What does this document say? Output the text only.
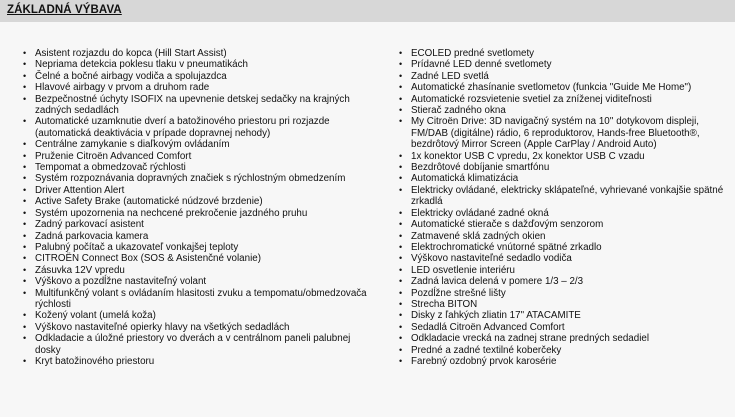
ZÁKLADNÁ VÝBAVA
• Asistent rozjazdu do kopca (Hill Start Assist)
• Nepriama detekcia poklesu tlaku v pneumatikách
• Čelné a bočné airbagy vodiča a spolujazdca
• Hlavové airbagy v prvom a druhom rade
• Bezpečnostné úchyty ISOFIX na upevnenie detskej sedačky na krajných zadných sedadlách
• Automatické uzamknutie dverí a batožinového priestoru pri rozjazde (automatická deaktivácia v prípade dopravnej nehody)
• Centrálne zamykanie s diaľkovým ovládaním
• Pruženie Citroën Advanced Comfort
• Tempomat a obmedzovač rýchlosti
• Systém rozpoznávania dopravných značiek s rýchlostným obmedzením
• Driver Attention Alert
• Active Safety Brake (automatické núdzové brzdenie)
• Systém upozornenia na nechcené prekročenie jazdného pruhu
• Zadný parkovací asistent
• Zadná parkovacia kamera
• Palubný počítač a ukazovateľ vonkajšej teploty
• CITROËN Connect Box (SOS & Asistenčné volanie)
• Zásuvka 12V vpredu
• Výškovo a pozdĺžne nastaviteľný volant
• Multifunkčný volant s ovládaním hlasitosti zvuku a tempomatu/obmedzovača rýchlosti
• Kožený volant (umelá koža)
• Výškovo nastaviteľné opierky hlavy na všetkých sedadlách
• Odkladacie a úložné priestory vo dverách a v centrálnom paneli palubnej dosky
• Kryt batožinového priestoru
• ECOLED predné svetlomety
• Prídavné LED denné svetlomety
• Zadné LED svetlá
• Automatické zhasínanie svetlometov (funkcia "Guide Me Home")
• Automatické rozsvietenie svetiel za zníženej viditeľnosti
• Stierač zadného okna
• My Citroën Drive: 3D navigačný systém na 10'' dotykovom displeji, FM/DAB (digitálne) rádio, 6 reproduktorov, Hands-free Bluetooth®, bezdrôtový Mirror Screen (Apple CarPlay / Android Auto)
• 1x konektor USB C vpredu, 2x konektor USB C vzadu
• Bezdrôtové dobíjanie smartfónu
• Automatická klimatizácia
• Elektricky ovládané, elektricky sklápateľné, vyhrievané vonkajšie spätné zrkadlá
• Elektricky ovládané zadné okná
• Automatické stierače s dažďovým senzorom
• Zatmavené sklá zadných okien
• Elektrochromatické vnútorné spätné zrkadlo
• Výškovo nastaviteľné sedadlo vodiča
• LED osvetlenie interiéru
• Zadná lavica delená v pomere 1/3 – 2/3
• Pozdĺžne strešné lišty
• Strecha BITON
• Disky z ľahkých zliatin 17" ATACAMITE
• Sedadlá Citroën Advanced Comfort
• Odkladacie vrecká na zadnej strane predných sedadiel
• Predné a zadné textilné koberčeky
• Farebný ozdobný prvok karosérie
